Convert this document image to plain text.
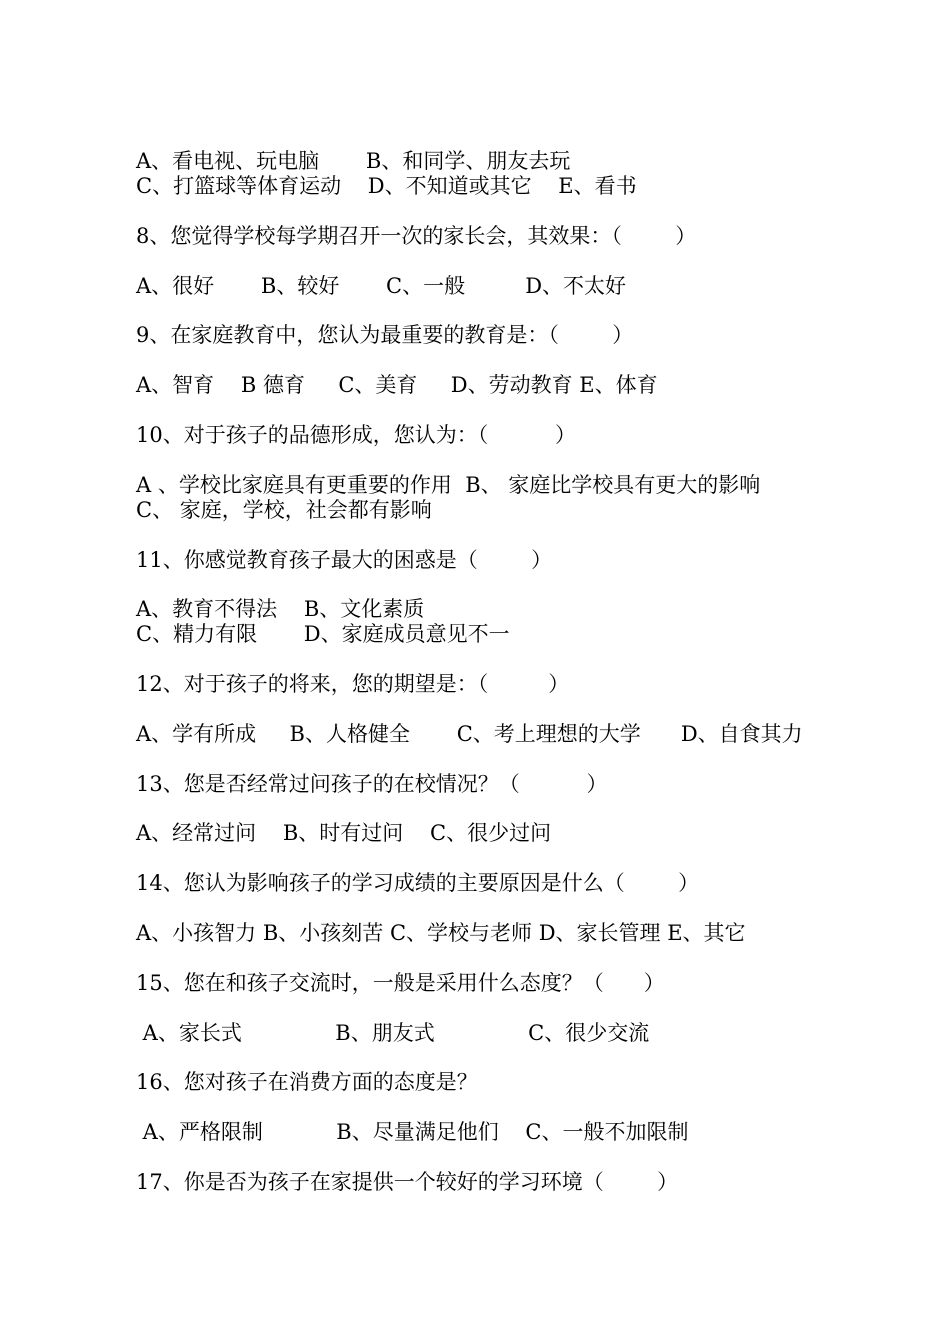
A、看电视、玩电脑       B、和同学、朋友去玩
C、打篮球等体育运动    D、不知道或其它    E、看书
8、您觉得学校每学期召开一次的家长会，其效果：（        ）
A、很好       B、较好       C、一般         D、不太好
9、在家庭教育中，您认为最重要的教育是：（        ）
A、智育    B 德育     C、美育     D、劳动教育 E、体育
10、对于孩子的品德形成，您认为：（          ）
A 、学校比家庭具有更重要的作用  B、 家庭比学校具有更大的影响
C、 家庭，学校，社会都有影响
11、你感觉教育孩子最大的困惑是（        ）
A、教育不得法    B、文化素质
C、精力有限       D、家庭成员意见不一
12、对于孩子的将来，您的期望是：（         ）
A、学有所成     B、人格健全       C、考上理想的大学      D、自食其力
13、您是否经常过问孩子的在校情况？（          ）
A、经常过问    B、时有过问    C、很少过问
14、您认为影响孩子的学习成绩的主要原因是什么（        ）
A、小孩智力 B、小孩刻苦 C、学校与老师 D、家长管理 E、其它
15、您在和孩子交流时，一般是采用什么态度？（      ）
A、家长式              B、朋友式              C、很少交流
16、您对孩子在消费方面的态度是？
A、严格限制           B、尽量满足他们    C、一般不加限制
17、你是否为孩子在家提供一个较好的学习环境（        ）
